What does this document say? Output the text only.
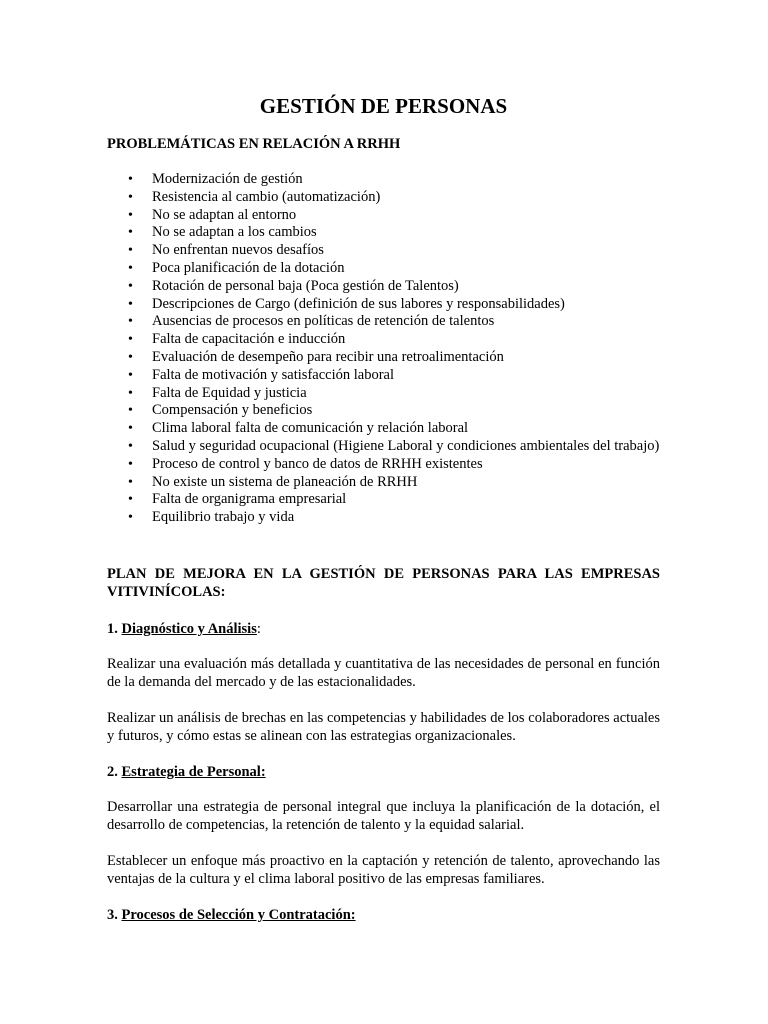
GESTIÓN DE PERSONAS
PROBLEMÁTICAS EN RELACIÓN A RRHH
• Modernización de gestión
• Resistencia al cambio (automatización)
• No se adaptan al entorno
• No se adaptan a los cambios
• No enfrentan nuevos desafíos
• Poca planificación de la dotación
• Rotación de personal baja (Poca gestión de Talentos)
• Descripciones de Cargo (definición de sus labores y responsabilidades)
• Ausencias de procesos en políticas de retención de talentos
• Falta de capacitación e inducción
• Evaluación de desempeño para recibir una retroalimentación
• Falta de motivación y satisfacción laboral
• Falta de Equidad y justicia
• Compensación y beneficios
• Clima laboral falta de comunicación y relación laboral
• Salud y seguridad ocupacional (Higiene Laboral y condiciones ambientales del trabajo)
• Proceso de control y banco de datos de RRHH existentes
• No existe un sistema de planeación de RRHH
• Falta de organigrama empresarial
• Equilibrio trabajo y vida
PLAN DE MEJORA EN LA GESTIÓN DE PERSONAS PARA LAS EMPRESAS VITIVINÍCOLAS:

1. Diagnóstico y Análisis:

Realizar una evaluación más detallada y cuantitativa de las necesidades de personal en función de la demanda del mercado y de las estacionalidades.

Realizar un análisis de brechas en las competencias y habilidades de los colaboradores actuales y futuros, y cómo estas se alinean con las estrategias organizacionales.

2. Estrategia de Personal:

Desarrollar una estrategia de personal integral que incluya la planificación de la dotación, el desarrollo de competencias, la retención de talento y la equidad salarial.

Establecer un enfoque más proactivo en la captación y retención de talento, aprovechando las ventajas de la cultura y el clima laboral positivo de las empresas familiares.

3. Procesos de Selección y Contratación:
